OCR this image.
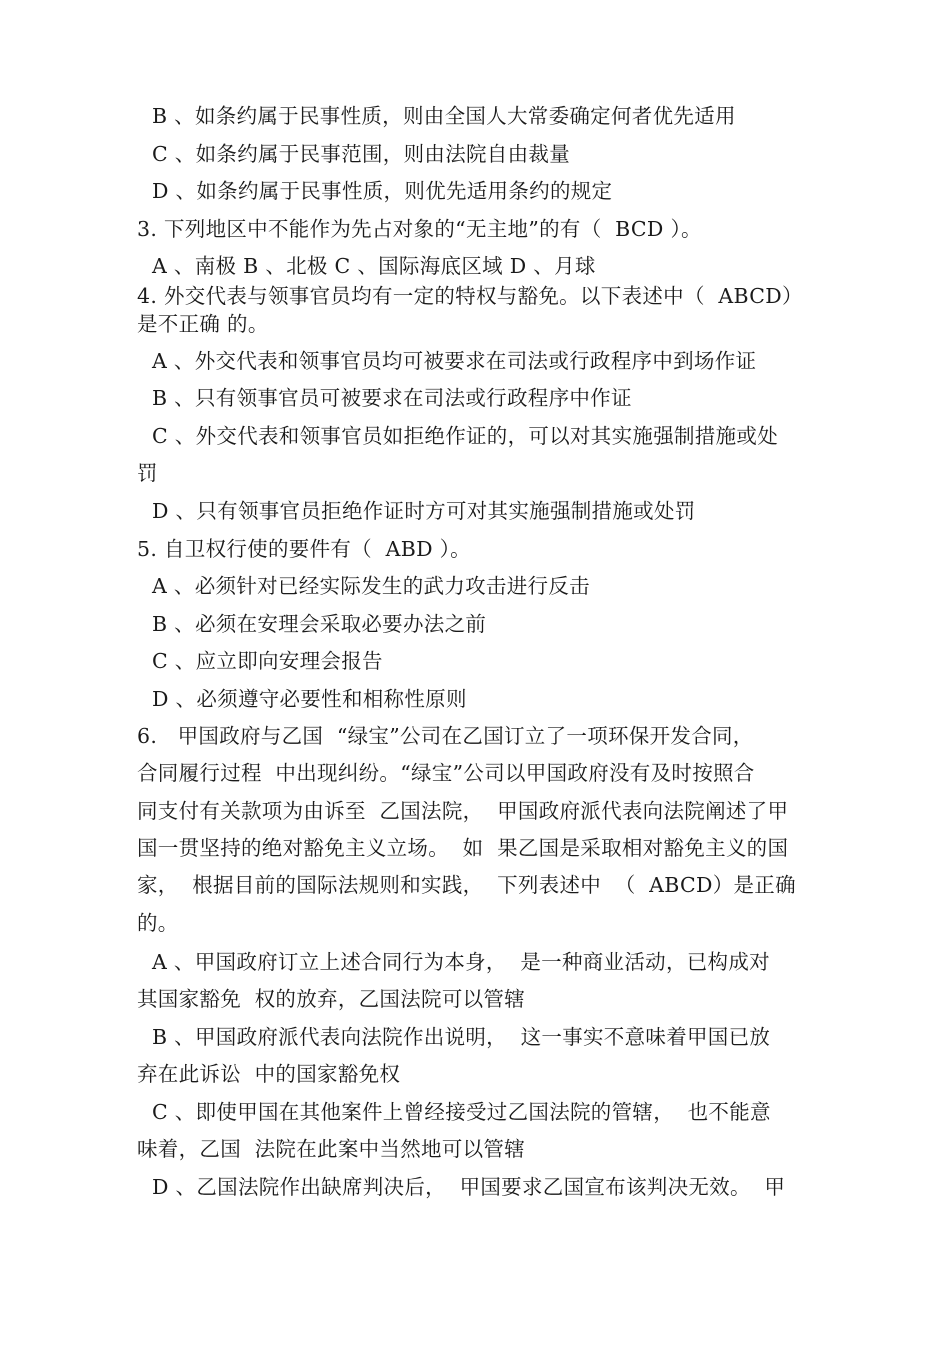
B 、如条约属于民事性质，则由全国人大常委确定何者优先适用
C 、如条约属于民事范围，则由法院自由裁量
D 、如条约属于民事性质，则优先适用条约的规定
3. 下列地区中不能作为先占对象的“无主地”的有（  BCD ）。
A 、南极 B 、北极 C 、国际海底区域 D 、月球
4. 外交代表与领事官员均有一定的特权与豁免。以下表述中（  ABCD）
是不正确 的。
A 、外交代表和领事官员均可被要求在司法或行政程序中到场作证
B 、只有领事官员可被要求在司法或行政程序中作证
C 、外交代表和领事官员如拒绝作证的，可以对其实施强制措施或处
罚
D 、只有领事官员拒绝作证时方可对其实施强制措施或处罚
5. 自卫权行使的要件有（  ABD ）。
A 、必须针对已经实际发生的武力攻击进行反击
B 、必须在安理会采取必要办法之前
C 、应立即向安理会报告
D 、必须遵守必要性和相称性原则
6.   甲国政府与乙国  “绿宝”公司在乙国订立了一项环保开发合同，
合同履行过程  中出现纠纷。“绿宝”公司以甲国政府没有及时按照合
同支付有关款项为由诉至  乙国法院，  甲国政府派代表向法院阐述了甲
国一贯坚持的绝对豁免主义立场。  如  果乙国是采取相对豁免主义的国
家，  根据目前的国际法规则和实践，  下列表述中  （  ABCD）是正确
的。
A 、甲国政府订立上述合同行为本身，  是一种商业活动，已构成对
其国家豁免  权的放弃，乙国法院可以管辖
B 、甲国政府派代表向法院作出说明，  这一事实不意味着甲国已放
弃在此诉讼  中的国家豁免权
C 、即使甲国在其他案件上曾经接受过乙国法院的管辖，  也不能意
味着，乙国  法院在此案中当然地可以管辖
D 、乙国法院作出缺席判决后，  甲国要求乙国宣布该判决无效。  甲
